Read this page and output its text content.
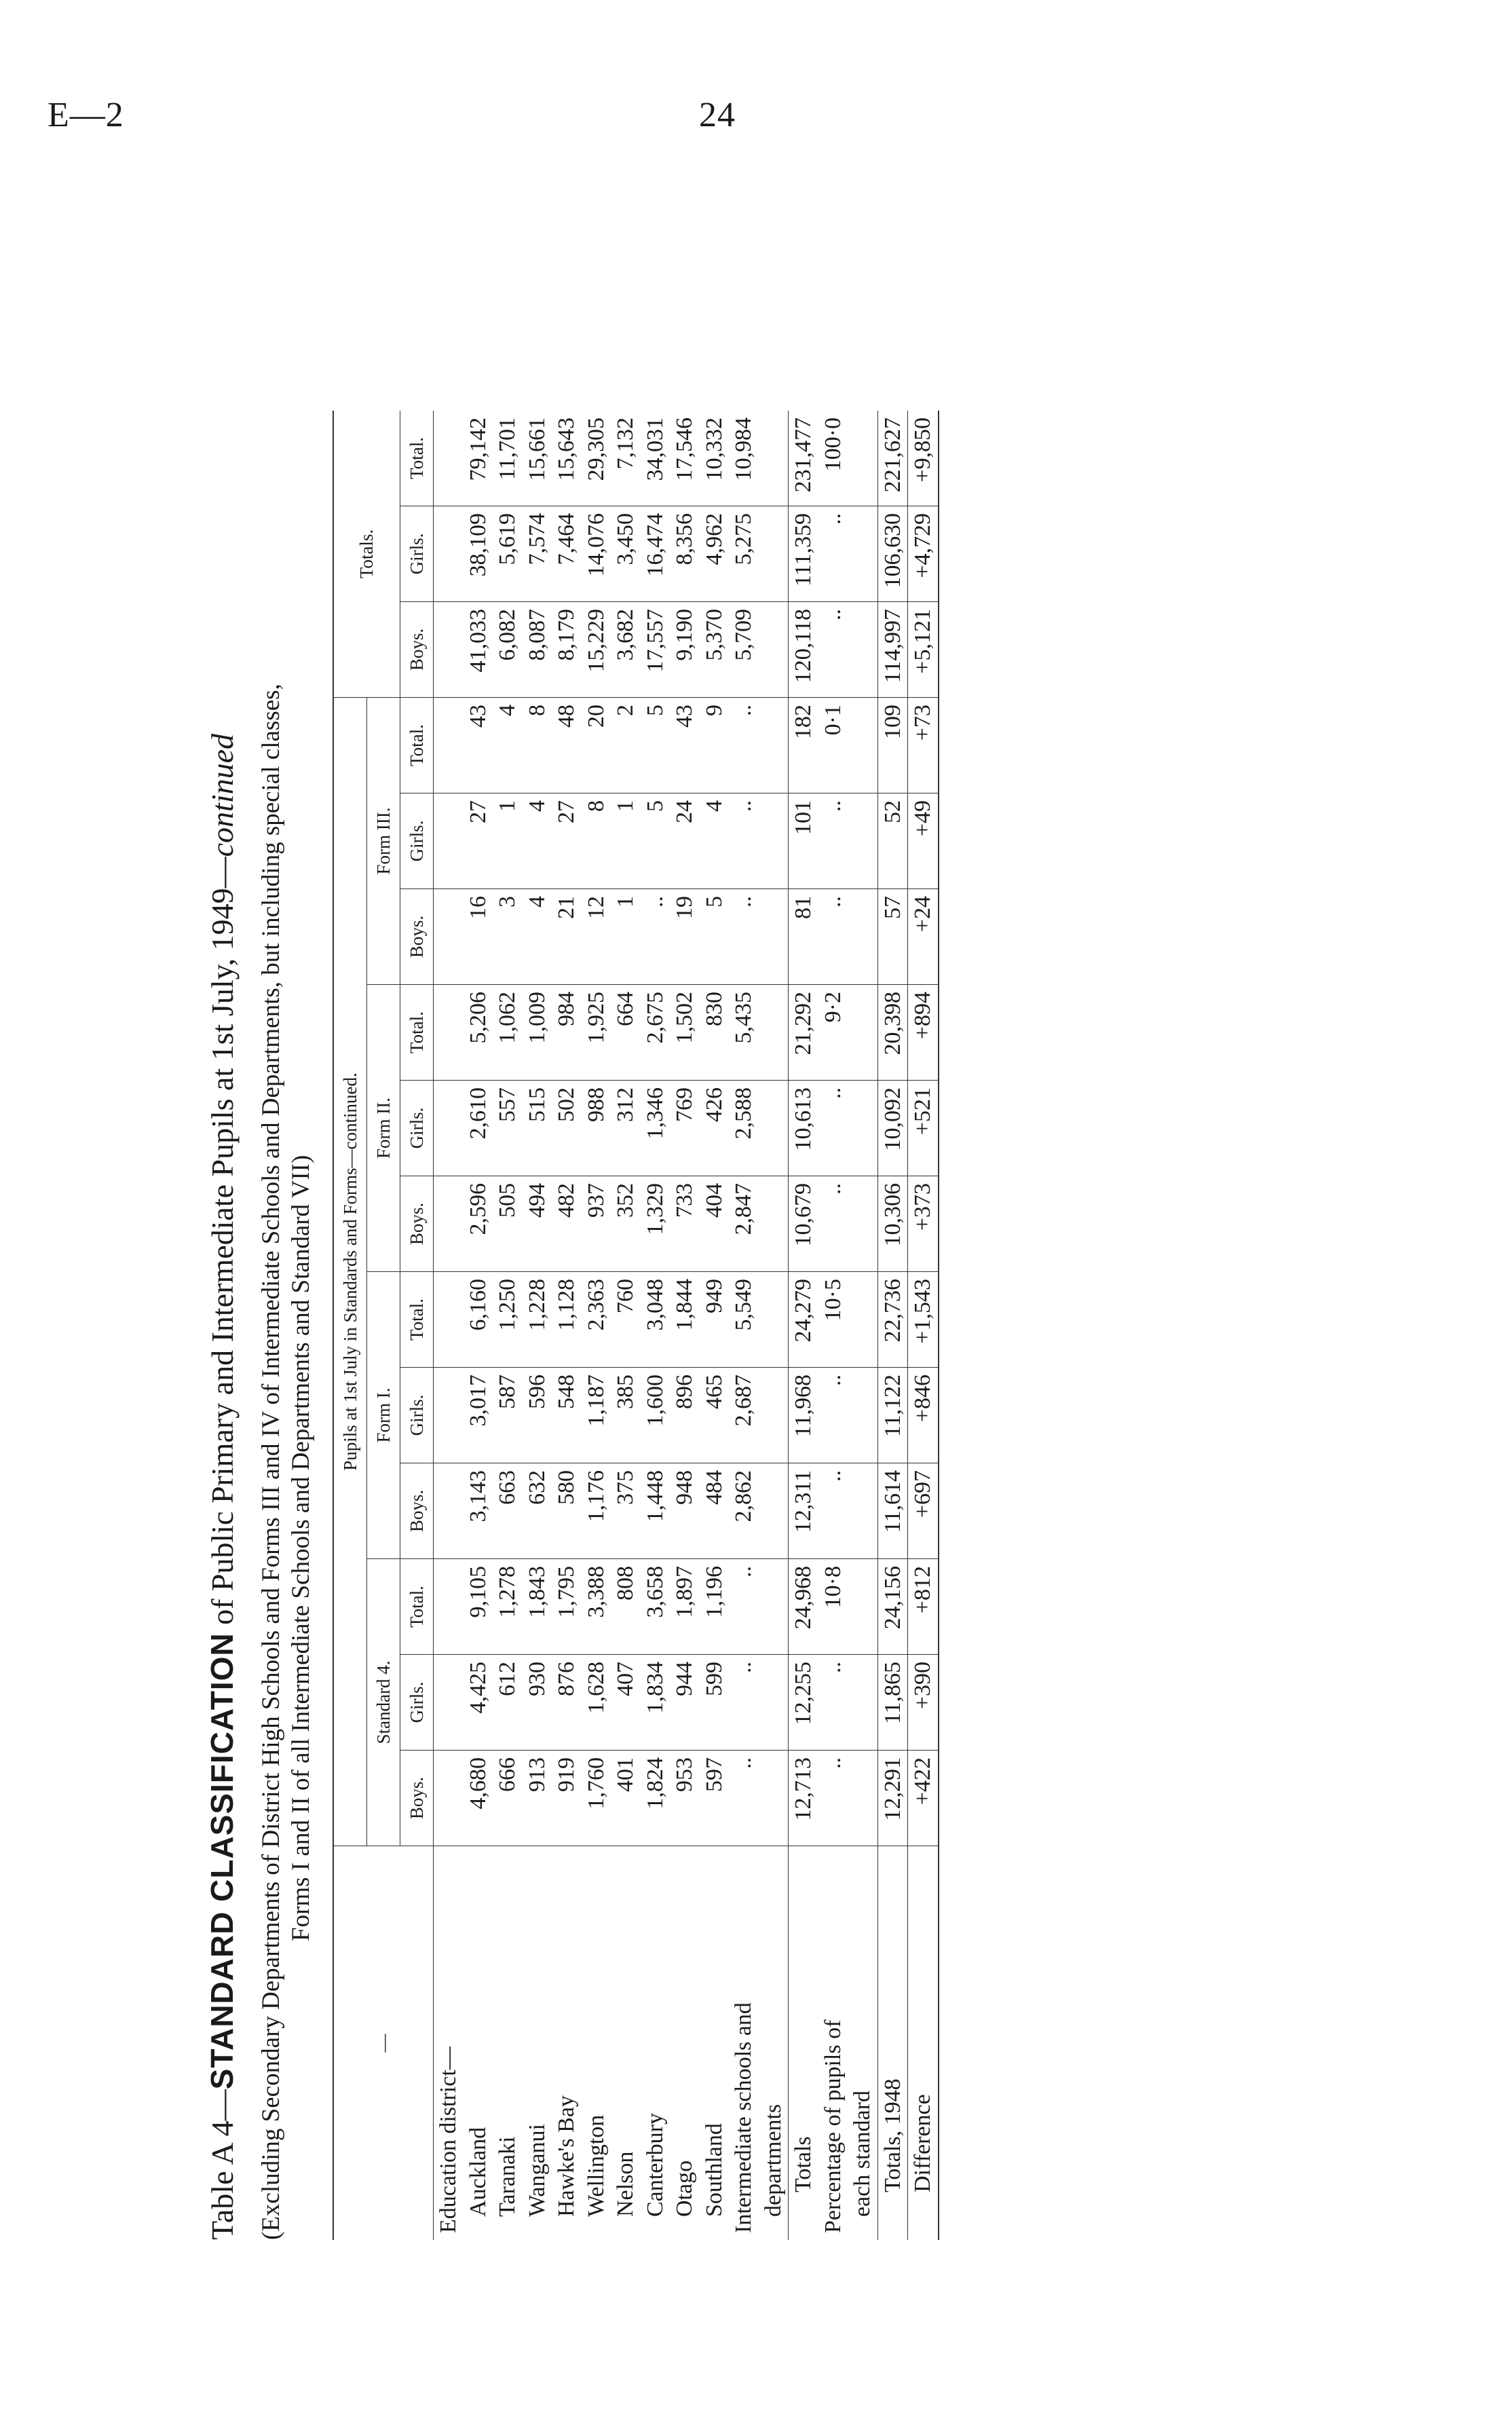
E—2	24
Table A 4—STANDARD CLASSIFICATION of Public Primary and Intermediate Pupils at 1st July, 1949—continued (Excluding Secondary Departments of District High Schools and Forms III and IV of Intermediate Schools and Departments, but including special classes, Forms I and II of all Intermediate Schools and Departments and Standard VII)
—	Pupils at 1st July in Standards and Forms—continued.												Totals.		
	Standard 4.			Form I.			Form II.			Form III.					
	Boys.	Girls.	Total.	Boys.	Girls.	Total.	Boys.	Girls.	Total.	Boys.	Girls.	Total.	Boys.	Girls.	Total.
Education district—															
Auckland	4,680	4,425	9,105	3,143	3,017	6,160	2,596	2,610	5,206	16	27	43	41,033	38,109	79,142
Taranaki	666	612	1,278	663	587	1,250	505	557	1,062	3	1	4	6,082	5,619	11,701
Wanganui	913	930	1,843	632	596	1,228	494	515	1,009	4	4	8	8,087	7,574	15,661
Hawke's Bay	919	876	1,795	580	548	1,128	482	502	984	21	27	48	8,179	7,464	15,643
Wellington	1,760	1,628	3,388	1,176	1,187	2,363	937	988	1,925	12	8	20	15,229	14,076	29,305
Nelson	401	407	808	375	385	760	352	312	664	1	1	2	3,682	3,450	7,132
Canterbury	1,824	1,834	3,658	1,448	1,600	3,048	1,329	1,346	2,675	..	5	5	17,557	16,474	34,031
Otago	953	944	1,897	948	896	1,844	733	769	1,502	19	24	43	9,190	8,356	17,546
Southland	597	599	1,196	484	465	949	404	426	830	5	4	9	5,370	4,962	10,332
Intermediate schools and	..	..	..	2,862	2,687	5,549	2,847	2,588	5,435	..	..	..	5,709	5,275	10,984
departments															
Totals	12,713	12,255	24,968	12,311	11,968	24,279	10,679	10,613	21,292	81	101	182	120,118	111,359	231,477
Percentage of pupils of	..	..	10·8	..	..	10·5	..	..	9·2	..	..	0·1	..	..	100·0
each standard															
Totals, 1948	12,291	11,865	24,156	11,614	11,122	22,736	10,306	10,092	20,398	57	52	109	114,997	106,630	221,627
Difference	+422	+390	+812	+697	+846	+1,543	+373	+521	+894	+24	+49	+73	+5,121	+4,729	+9,850
